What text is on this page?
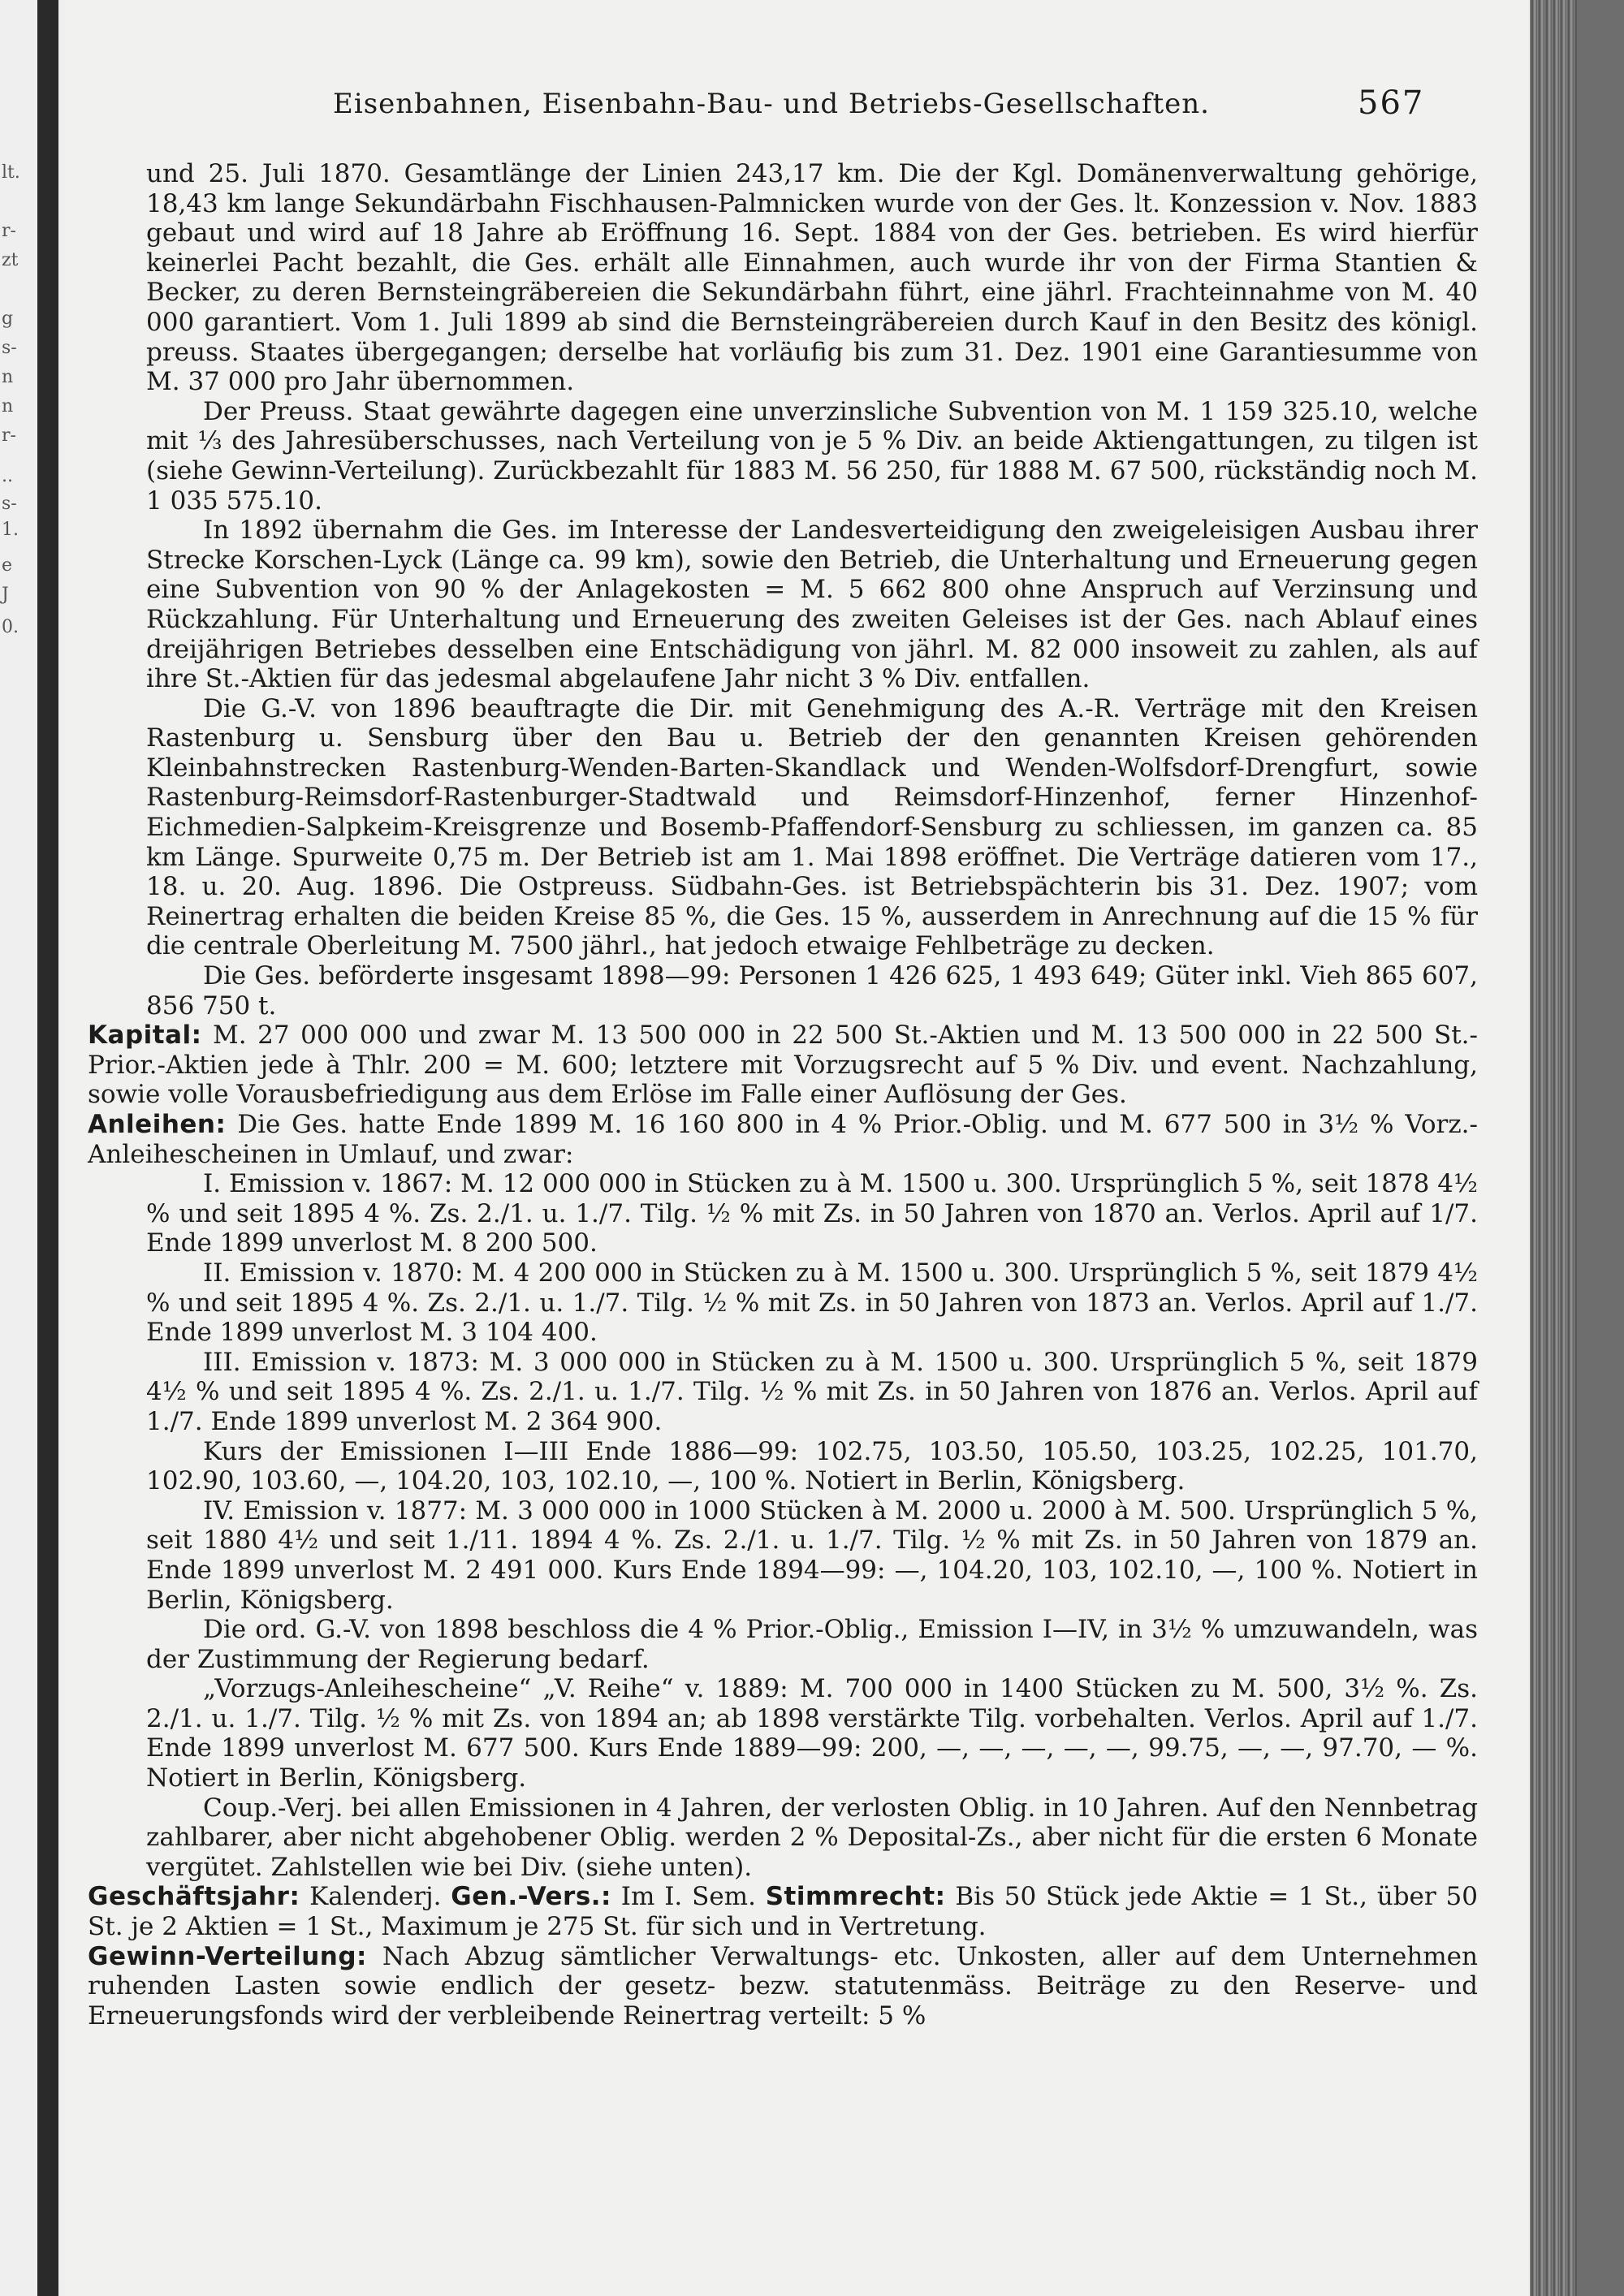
lt.
r-
zt
g
s-
n
n
r-
..
s-
1.
e
J
0.
Eisenbahnen, Eisenbahn-Bau- und Betriebs-Gesellschaften.	567

und 25. Juli 1870. Gesamtlänge der Linien 243,17 km. Die der Kgl. Domänenverwaltung gehörige, 18,43 km lange Sekundärbahn Fischhausen-Palmnicken wurde von der Ges. lt. Konzession v. Nov. 1883 gebaut und wird auf 18 Jahre ab Eröffnung 16. Sept. 1884 von der Ges. betrieben. Es wird hierfür keinerlei Pacht bezahlt, die Ges. erhält alle Einnahmen, auch wurde ihr von der Firma Stantien & Becker, zu deren Bernsteingräbereien die Sekundärbahn führt, eine jährl. Frachteinnahme von M. 40 000 garantiert. Vom 1. Juli 1899 ab sind die Bernsteingräbereien durch Kauf in den Besitz des königl. preuss. Staates übergegangen; derselbe hat vorläufig bis zum 31. Dez. 1901 eine Garantiesumme von M. 37 000 pro Jahr übernommen.

Der Preuss. Staat gewährte dagegen eine unverzinsliche Subvention von M. 1 159 325.10, welche mit ⅓ des Jahresüberschusses, nach Verteilung von je 5 % Div. an beide Aktiengattungen, zu tilgen ist (siehe Gewinn-Verteilung). Zurückbezahlt für 1883 M. 56 250, für 1888 M. 67 500, rückständig noch M. 1 035 575.10.

In 1892 übernahm die Ges. im Interesse der Landesverteidigung den zweigeleisigen Ausbau ihrer Strecke Korschen-Lyck (Länge ca. 99 km), sowie den Betrieb, die Unterhaltung und Erneuerung gegen eine Subvention von 90 % der Anlagekosten = M. 5 662 800 ohne Anspruch auf Verzinsung und Rückzahlung. Für Unterhaltung und Erneuerung des zweiten Geleises ist der Ges. nach Ablauf eines dreijährigen Betriebes desselben eine Entschädigung von jährl. M. 82 000 insoweit zu zahlen, als auf ihre St.-Aktien für das jedesmal abgelaufene Jahr nicht 3 % Div. entfallen.

Die G.-V. von 1896 beauftragte die Dir. mit Genehmigung des A.-R. Verträge mit den Kreisen Rastenburg u. Sensburg über den Bau u. Betrieb der den genannten Kreisen gehörenden Kleinbahnstrecken Rastenburg-Wenden-Barten-Skandlack und Wenden-Wolfsdorf-Drengfurt, sowie Rastenburg-Reimsdorf-Rastenburger-Stadtwald und Reimsdorf-Hinzenhof, ferner Hinzenhof-Eichmedien-Salpkeim-Kreisgrenze und Bosemb-Pfaffendorf-Sensburg zu schliessen, im ganzen ca. 85 km Länge. Spurweite 0,75 m. Der Betrieb ist am 1. Mai 1898 eröffnet. Die Verträge datieren vom 17., 18. u. 20. Aug. 1896. Die Ostpreuss. Südbahn-Ges. ist Betriebspächterin bis 31. Dez. 1907; vom Reinertrag erhalten die beiden Kreise 85 %, die Ges. 15 %, ausserdem in Anrechnung auf die 15 % für die centrale Oberleitung M. 7500 jährl., hat jedoch etwaige Fehlbeträge zu decken.

Die Ges. beförderte insgesamt 1898—99: Personen 1 426 625, 1 493 649; Güter inkl. Vieh 865 607, 856 750 t.

Kapital: M. 27 000 000 und zwar M. 13 500 000 in 22 500 St.-Aktien und M. 13 500 000 in 22 500 St.-Prior.-Aktien jede à Thlr. 200 = M. 600; letztere mit Vorzugsrecht auf 5 % Div. und event. Nachzahlung, sowie volle Vorausbefriedigung aus dem Erlöse im Falle einer Auflösung der Ges.

Anleihen: Die Ges. hatte Ende 1899 M. 16 160 800 in 4 % Prior.-Oblig. und M. 677 500 in 3½ % Vorz.-Anleihescheinen in Umlauf, und zwar:

I. Emission v. 1867: M. 12 000 000 in Stücken zu à M. 1500 u. 300. Ursprünglich 5 %, seit 1878 4½ % und seit 1895 4 %. Zs. 2./1. u. 1./7. Tilg. ½ % mit Zs. in 50 Jahren von 1870 an. Verlos. April auf 1/7. Ende 1899 unverlost M. 8 200 500.

II. Emission v. 1870: M. 4 200 000 in Stücken zu à M. 1500 u. 300. Ursprünglich 5 %, seit 1879 4½ % und seit 1895 4 %. Zs. 2./1. u. 1./7. Tilg. ½ % mit Zs. in 50 Jahren von 1873 an. Verlos. April auf 1./7. Ende 1899 unverlost M. 3 104 400.

III. Emission v. 1873: M. 3 000 000 in Stücken zu à M. 1500 u. 300. Ursprünglich 5 %, seit 1879 4½ % und seit 1895 4 %. Zs. 2./1. u. 1./7. Tilg. ½ % mit Zs. in 50 Jahren von 1876 an. Verlos. April auf 1./7. Ende 1899 unverlost M. 2 364 900.

Kurs der Emissionen I—III Ende 1886—99: 102.75, 103.50, 105.50, 103.25, 102.25, 101.70, 102.90, 103.60, —, 104.20, 103, 102.10, —, 100 %. Notiert in Berlin, Königsberg.

IV. Emission v. 1877: M. 3 000 000 in 1000 Stücken à M. 2000 u. 2000 à M. 500. Ursprünglich 5 %, seit 1880 4½ und seit 1./11. 1894 4 %. Zs. 2./1. u. 1./7. Tilg. ½ % mit Zs. in 50 Jahren von 1879 an. Ende 1899 unverlost M. 2 491 000. Kurs Ende 1894—99: —, 104.20, 103, 102.10, —, 100 %. Notiert in Berlin, Königsberg.

Die ord. G.-V. von 1898 beschloss die 4 % Prior.-Oblig., Emission I—IV, in 3½ % umzuwandeln, was der Zustimmung der Regierung bedarf.

„Vorzugs-Anleihescheine“ „V. Reihe“ v. 1889: M. 700 000 in 1400 Stücken zu M. 500, 3½ %. Zs. 2./1. u. 1./7. Tilg. ½ % mit Zs. von 1894 an; ab 1898 verstärkte Tilg. vorbehalten. Verlos. April auf 1./7. Ende 1899 unverlost M. 677 500. Kurs Ende 1889—99: 200, —, —, —, —, —, 99.75, —, —, 97.70, — %. Notiert in Berlin, Königsberg.

Coup.-Verj. bei allen Emissionen in 4 Jahren, der verlosten Oblig. in 10 Jahren. Auf den Nennbetrag zahlbarer, aber nicht abgehobener Oblig. werden 2 % Deposital-Zs., aber nicht für die ersten 6 Monate vergütet. Zahlstellen wie bei Div. (siehe unten).

Geschäftsjahr: Kalenderj. Gen.-Vers.: Im I. Sem. Stimmrecht: Bis 50 Stück jede Aktie = 1 St., über 50 St. je 2 Aktien = 1 St., Maximum je 275 St. für sich und in Vertretung.

Gewinn-Verteilung: Nach Abzug sämtlicher Verwaltungs- etc. Unkosten, aller auf dem Unternehmen ruhenden Lasten sowie endlich der gesetz- bezw. statutenmäss. Beiträge zu den Reserve- und Erneuerungsfonds wird der verbleibende Reinertrag verteilt: 5 %
